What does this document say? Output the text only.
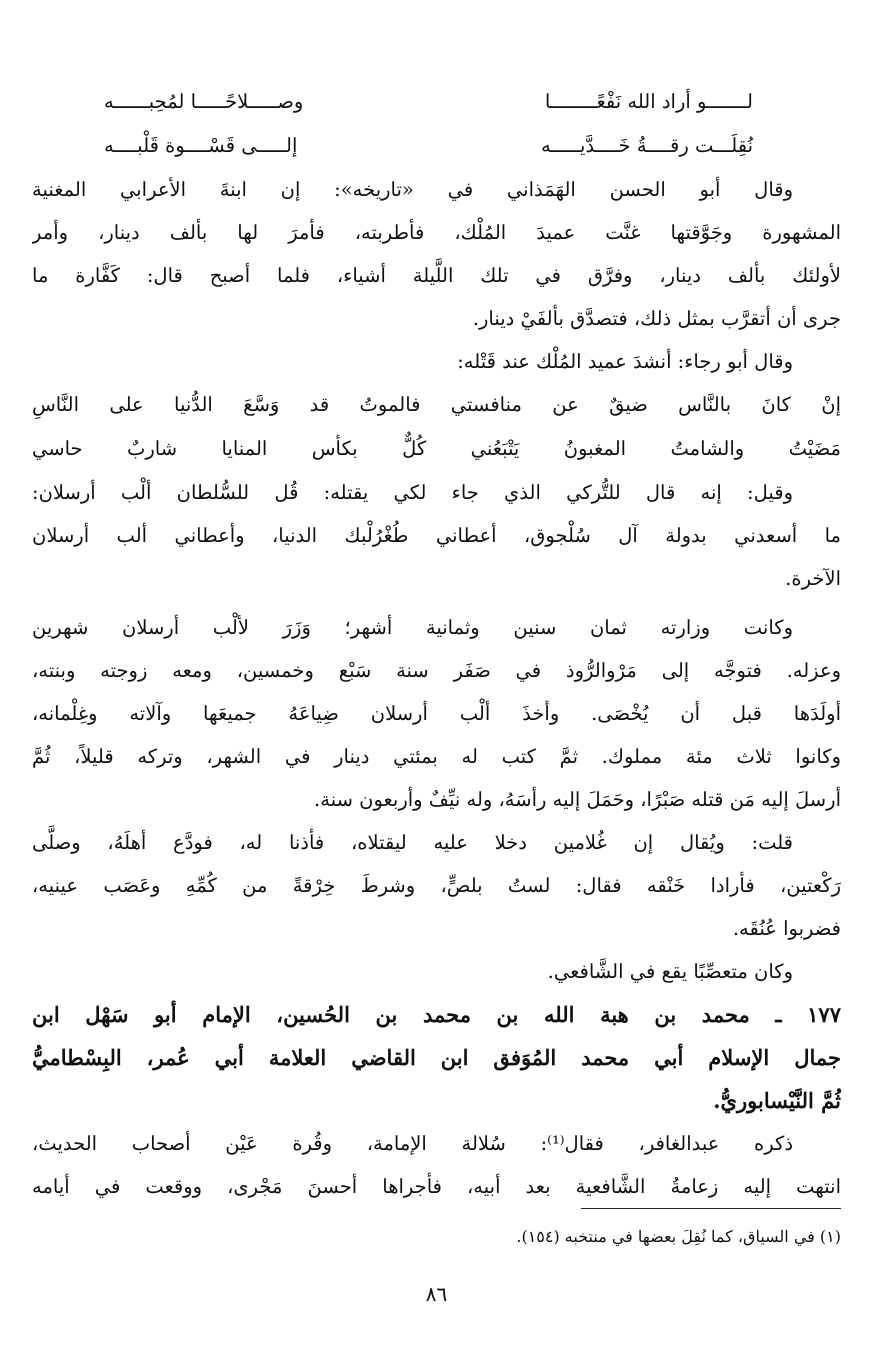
لـــــــو أراد الله نَفْعًــــــــا
وصـــــلاحًـــــا لمُحِبــــــه
نُقِلَـــت رقــــةُ خَــــدَّيـــــه
إلـــــى قَسْــــوة قَلْبــــه
وقال أبو الحسن الهَمَذاني في «تاريخه»: إن ابنةَ الأعرابي المغنية
المشهورة وجَوَّقتها غنَّت عميدَ المُلْك، فأطربته، فأمرَ لها بألف دينار، وأمر
لأولئك بألف دينار، وفرَّق في تلك اللَّيلة أشياء، فلما أصبح قال: كَفَّارة ما
جرى أن أتقرَّب بمثل ذلك، فتصدَّق بألفَيْ دينار.
وقال أبو رجاء: أنشدَ عميد المُلْك عند قَتْله:
إنْ كانَ بالنَّاس ضيقٌ عن منافستي فالموتُ قد وَسَّعَ الدُّنيا على النَّاسِ
مَضَيْتُ والشامتُ المغبونُ يَتْبَعُني كُلٌّ بكأس المنايا شاربٌ حاسي
وقيل: إنه قال للتُّركي الذي جاء لكي يقتله: قُل للسُّلطان ألْب أرسلان:
ما أسعدني بدولة آل سُلْجوق، أعطاني طُغْرُلْبك الدنيا، وأعطاني ألب أرسلان
الآخرة.
وكانت وزارته ثمان سنين وثمانية أشهر؛ وَزَرَ لألْب أرسلان شهرين
وعزله. فتوجَّه إلى مَرْوالرُّوذ في صَفَر سنة سَبْع وخمسين، ومعه زوجته وبنته،
أولَدَها قبل أن يُخْصَى. وأخذَ ألْب أرسلان ضِياعَهُ جميعَها وآلاته وغِلْمانه،
وكانوا ثلاث مئة مملوك. ثمَّ كتب له بمئتي دينار في الشهر، وتركه قليلاً، ثُمَّ
أرسلَ إليه مَن قتله صَبْرًا، وحَمَلَ إليه رأسَهُ، وله نيِّفٌ وأربعون سنة.
قلت: ويُقال إن غُلامين دخلا عليه ليقتلاه، فأذنا له، فودَّع أهلَهُ، وصلَّى
رَكْعتين، فأرادا خَنْقه فقال: لستُ بلصٍّ، وشرطَ خِرْقةً من كُمِّهِ وعَصَب عينيه،
فضربوا عُنُقَه.
وكان متعصِّبًا يقع في الشَّافعي.
١٧٧ ـ محمد بن هبة الله بن محمد بن الحُسين، الإمام أبو سَهْل ابن
جمال الإسلام أبي محمد المُوَفق ابن القاضي العلامة أبي عُمر، البِسْطاميُّ
ثُمَّ النَّيْسابوريُّ.
ذكره عبدالغافر، فقال⁽¹⁾: سُلالة الإمامة، وقُرة عَيْن أصحاب الحديث،
انتهت إليه زعامةُ الشَّافعية بعد أبيه، فأجراها أحسنَ مَجْرى، ووقعت في أيامه
(١) في السياق، كما نُقِلَ بعضها في منتخبه (١٥٤).
٨٦
